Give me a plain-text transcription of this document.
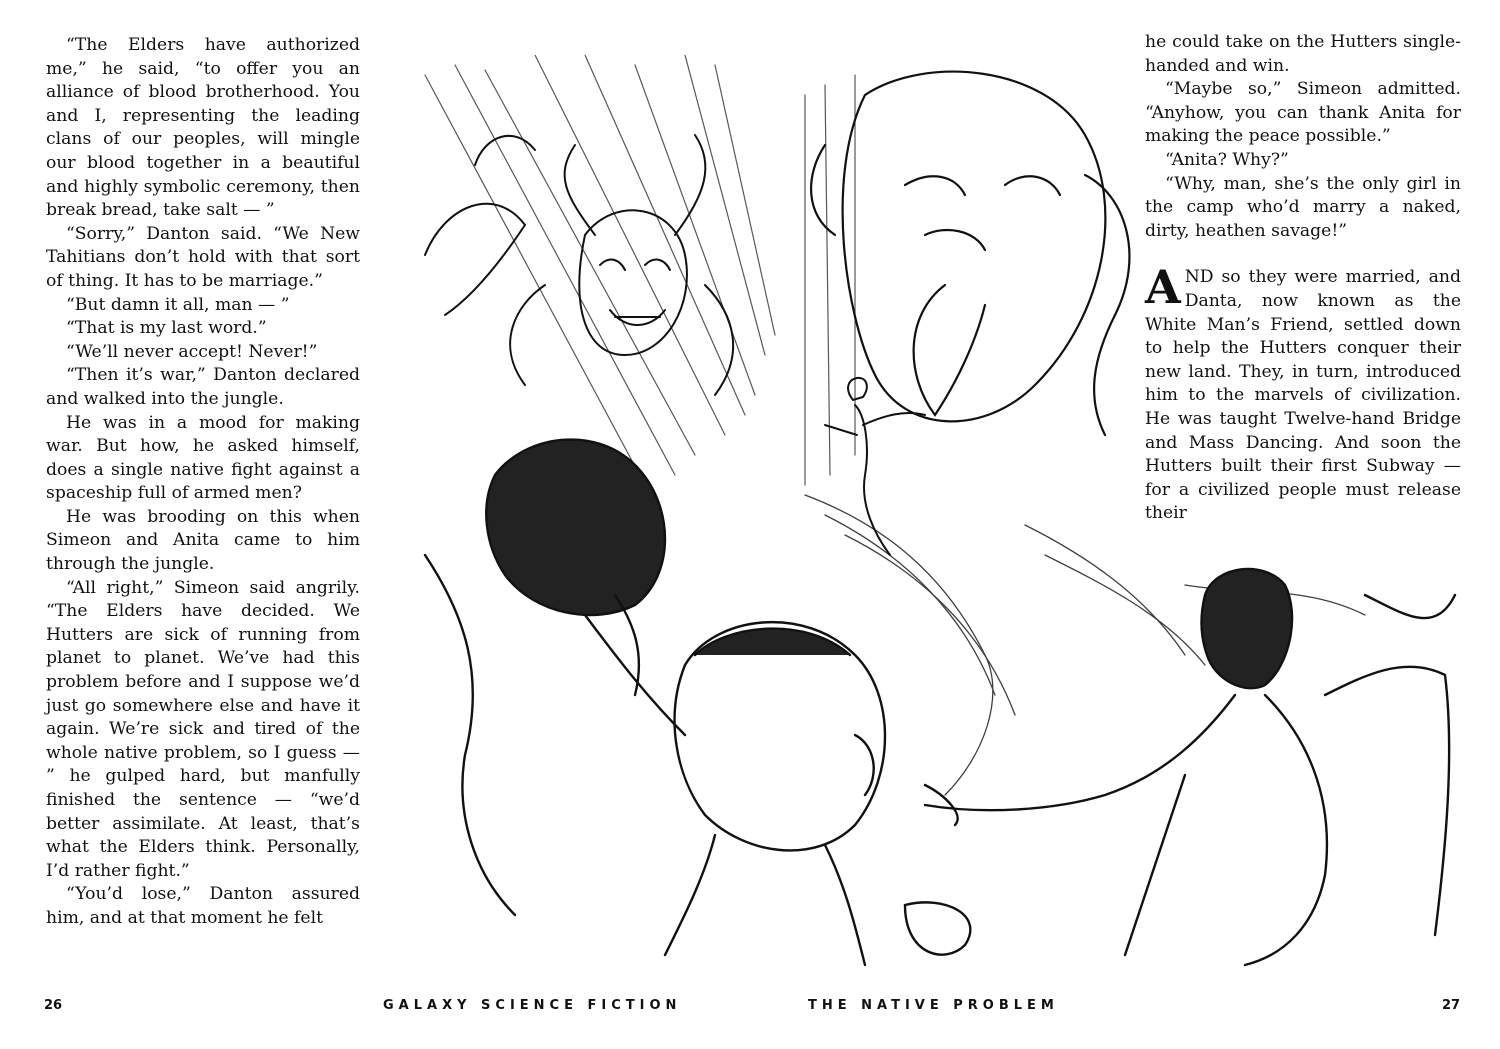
“The Elders have authorized me,” he said, “to offer you an alliance of blood brotherhood. You and I, representing the leading clans of our peoples, will mingle our blood together in a beautiful and highly symbolic ceremony, then break bread, take salt — ”

“Sorry,” Danton said. “We New Tahitians don’t hold with that sort of thing. It has to be marriage.”

“But damn it all, man — ”

“That is my last word.”

“We’ll never accept! Never!”

“Then it’s war,” Danton declared and walked into the jungle.

He was in a mood for making war. But how, he asked himself, does a single native fight against a spaceship full of armed men?

He was brooding on this when Simeon and Anita came to him through the jungle.

“All right,” Simeon said angrily. “The Elders have decided. We Hutters are sick of running from planet to planet. We’ve had this problem before and I suppose we’d just go somewhere else and have it again. We’re sick and tired of the whole native problem, so I guess — ” he gulped hard, but manfully finished the sentence — “we’d better assimilate. At least, that’s what the Elders think. Personally, I’d rather fight.”

“You’d lose,” Danton assured him, and at that moment he felt

he could take on the Hutters single-handed and win.

“Maybe so,” Simeon admitted. “Anyhow, you can thank Anita for making the peace possible.”

“Anita? Why?”

“Why, man, she’s the only girl in the camp who’d marry a naked, dirty, heathen savage!”

AND so they were married, and Danta, now known as the White Man’s Friend, settled down to help the Hutters conquer their new land. They, in turn, introduced him to the marvels of civilization. He was taught Twelve-hand Bridge and Mass Dancing. And soon the Hutters built their first Subway — for a civilized people must release their

26	GALAXY SCIENCE FICTION	THE NATIVE PROBLEM	27
